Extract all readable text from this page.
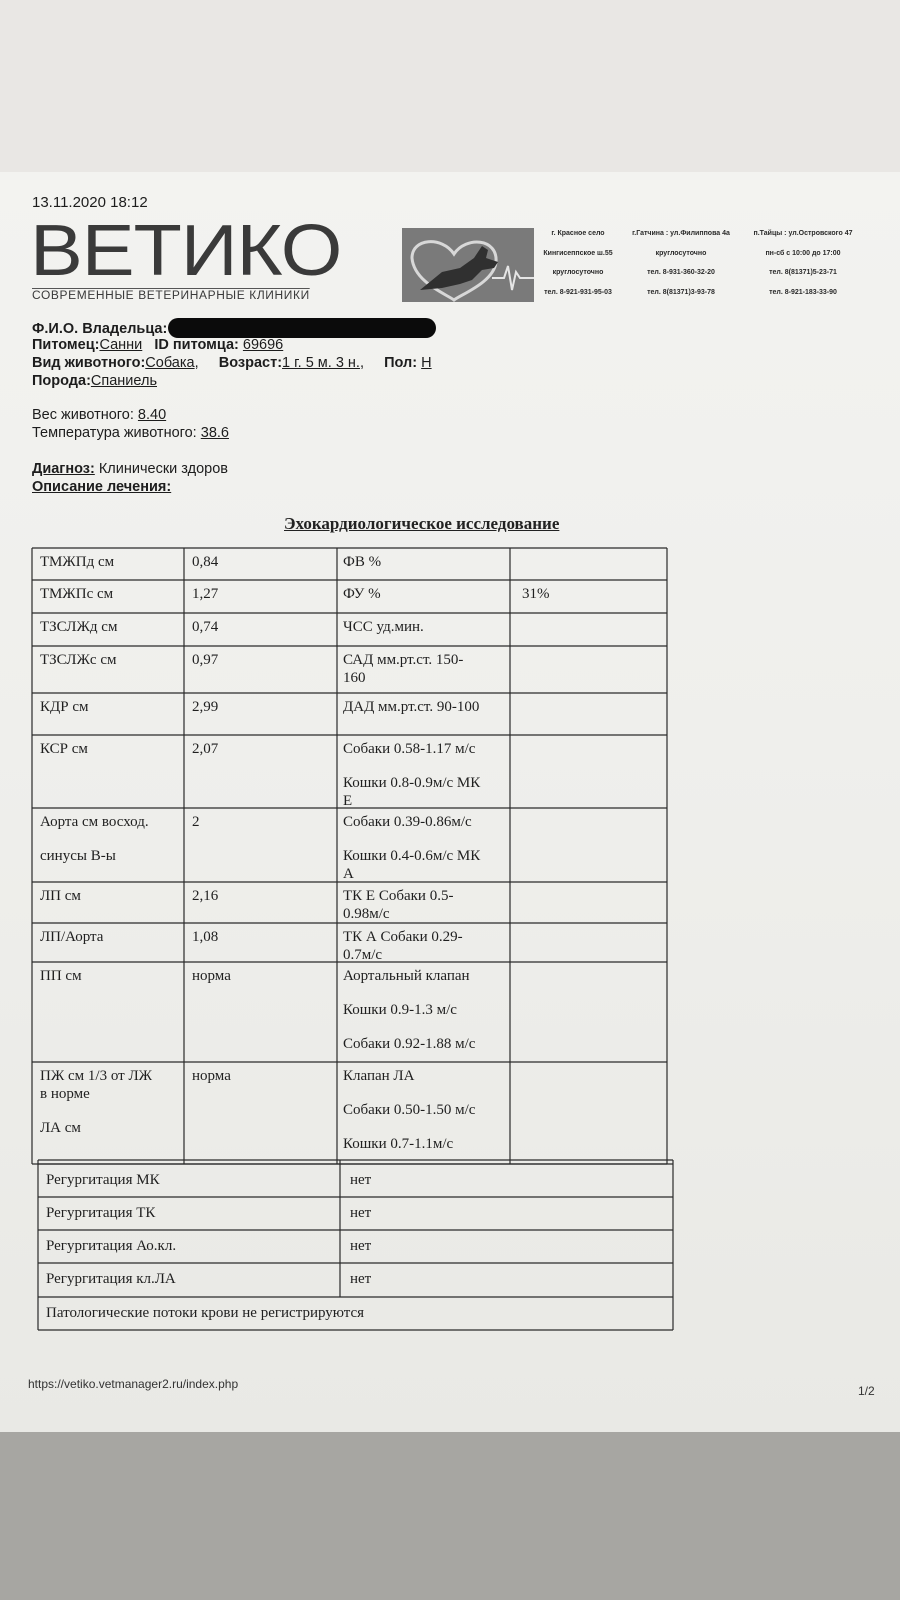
13.11.2020 18:12
ВЕТИКО
СОВРЕМЕННЫЕ ВЕТЕРИНАРНЫЕ КЛИНИКИ
г. Красное село
Кингисеппское ш.55
круглосуточно
тел. 8-921-931-95-03
г.Гатчина : ул.Филиппова 4а
круглосуточно
тел. 8-931-360-32-20
тел. 8(81371)3-93-78
п.Тайцы : ул.Островского 47
пн-сб с 10:00 до 17:00
тел. 8(81371)5-23-71
тел. 8-921-183-33-90
Ф.И.О. Владельца:
Питомец:Санни ID питомца: 69696
Вид животного:Собака,     Возраст:1 г. 5 м. 3 н.,     Пол: Н
Порода:Спаниель
Вес животного: 8.40
Температура животного: 38.6
Диагноз: Клинически здоров
Описание лечения:
Эхокардиологическое исследование
ТМЖПд см	0,84	ФВ %
ТМЖПс см	1,27	ФУ %	31%
ТЗСЛЖд см	0,74	ЧСС уд.мин.
ТЗСЛЖс см	0,97	САД мм.рт.ст. 150-
160
КДР см	2,99	ДАД мм.рт.ст. 90-100
КСР см	2,07	Собаки 0.58-1.17 м/с

Кошки 0.8-0.9м/с МК
Е
Аорта см восход.

синусы В-ы
2	Собаки 0.39-0.86м/с

Кошки 0.4-0.6м/с МК
А
ЛП см	2,16	ТК Е Собаки 0.5-
0.98м/с
ЛП/Аорта	1,08	ТК А Собаки 0.29-
0.7м/с
ПП см	норма	Аортальный клапан

Кошки 0.9-1.3 м/с

Собаки 0.92-1.88 м/с
ПЖ см 1/3 от ЛЖ
в норме

ЛА см
норма	Клапан ЛА

Собаки 0.50-1.50 м/с

Кошки 0.7-1.1м/с
Регургитация МК	нет
Регургитация ТК	нет
Регургитация Ао.кл.	нет
Регургитация кл.ЛА	нет
Патологические потоки крови не регистрируются
https://vetiko.vetmanager2.ru/index.php	1/2
